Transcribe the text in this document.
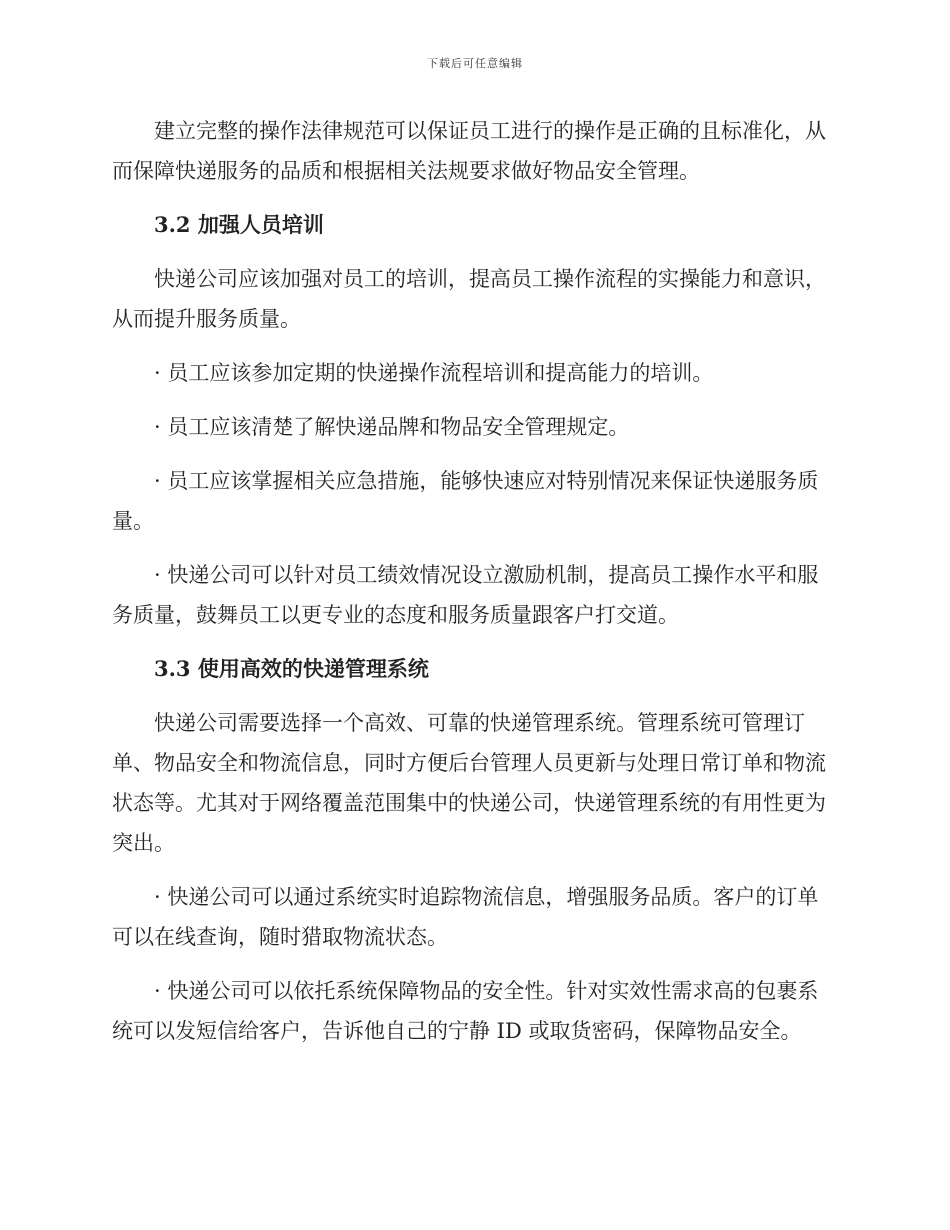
下载后可任意编辑

建立完整的操作法律规范可以保证员工进行的操作是正确的且标准化，从而保障快递服务的品质和根据相关法规要求做好物品安全管理。

3.2 加强人员培训

快递公司应该加强对员工的培训，提高员工操作流程的实操能力和意识，从而提升服务质量。

· 员工应该参加定期的快递操作流程培训和提高能力的培训。

· 员工应该清楚了解快递品牌和物品安全管理规定。

· 员工应该掌握相关应急措施，能够快速应对特别情况来保证快递服务质量。

· 快递公司可以针对员工绩效情况设立激励机制，提高员工操作水平和服务质量，鼓舞员工以更专业的态度和服务质量跟客户打交道。

3.3 使用高效的快递管理系统

快递公司需要选择一个高效、可靠的快递管理系统。管理系统可管理订单、物品安全和物流信息，同时方便后台管理人员更新与处理日常订单和物流状态等。尤其对于网络覆盖范围集中的快递公司，快递管理系统的有用性更为突出。

· 快递公司可以通过系统实时追踪物流信息，增强服务品质。客户的订单可以在线查询，随时猎取物流状态。

· 快递公司可以依托系统保障物品的安全性。针对实效性需求高的包裹系统可以发短信给客户，告诉他自己的宁静 ID 或取货密码，保障物品安全。
